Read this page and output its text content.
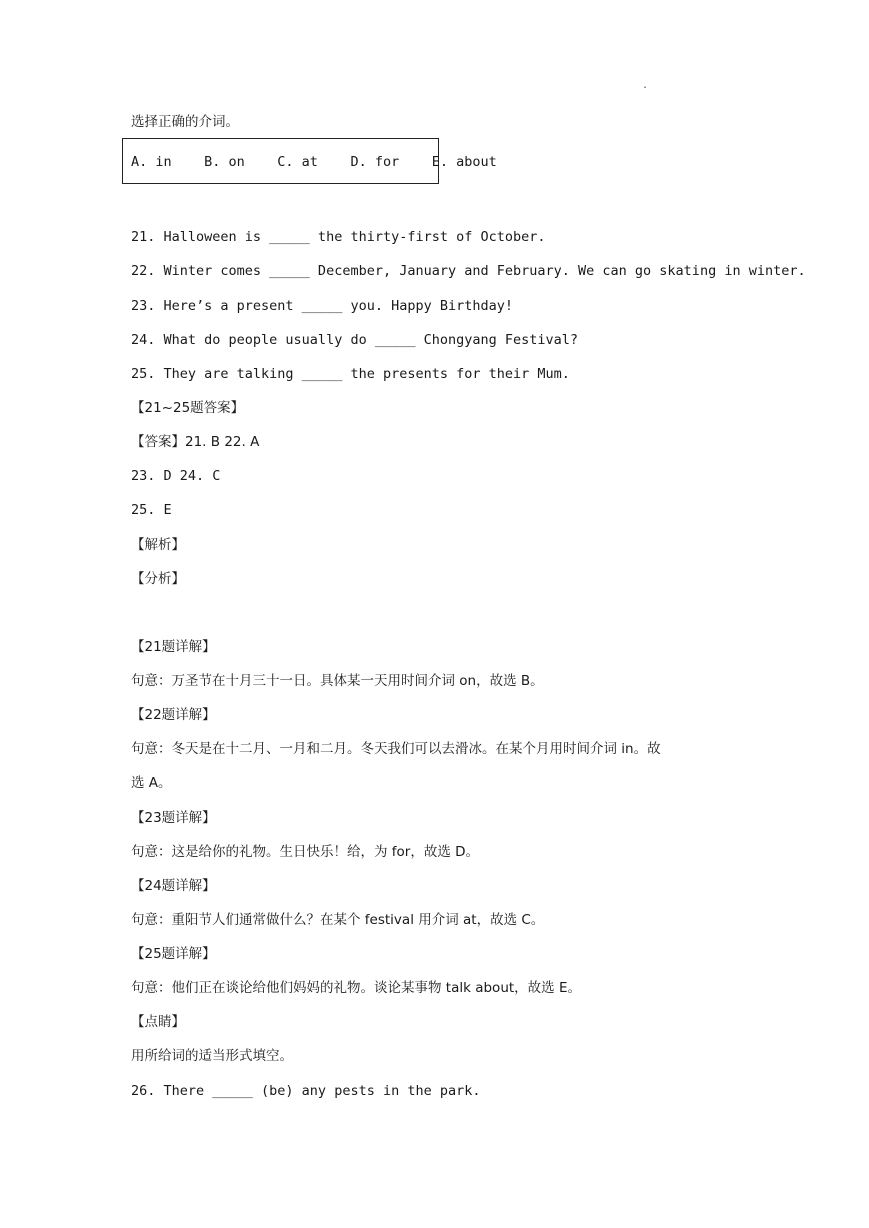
.
选择正确的介词。
A. in    B. on    C. at    D. for    E. about
21. Halloween is _____ the thirty-first of October.
22. Winter comes _____ December, January and February. We can go skating in winter.
23. Here’s a present _____ you. Happy Birthday!
24. What do people usually do _____ Chongyang Festival?
25. They are talking _____ the presents for their Mum.
【21~25题答案】
【答案】21. B 22. A
23. D 24. C
25. E
【解析】
【分析】
【21题详解】
句意：万圣节在十月三十一日。具体某一天用时间介词 on，故选 B。
【22题详解】
句意：冬天是在十二月、一月和二月。冬天我们可以去滑冰。在某个月用时间介词 in。故
选 A。
【23题详解】
句意：这是给你的礼物。生日快乐！给，为 for，故选 D。
【24题详解】
句意：重阳节人们通常做什么？在某个 festival 用介词 at，故选 C。
【25题详解】
句意：他们正在谈论给他们妈妈的礼物。谈论某事物 talk about，故选 E。
【点睛】
用所给词的适当形式填空。
26. There _____ (be) any pests in the park.
